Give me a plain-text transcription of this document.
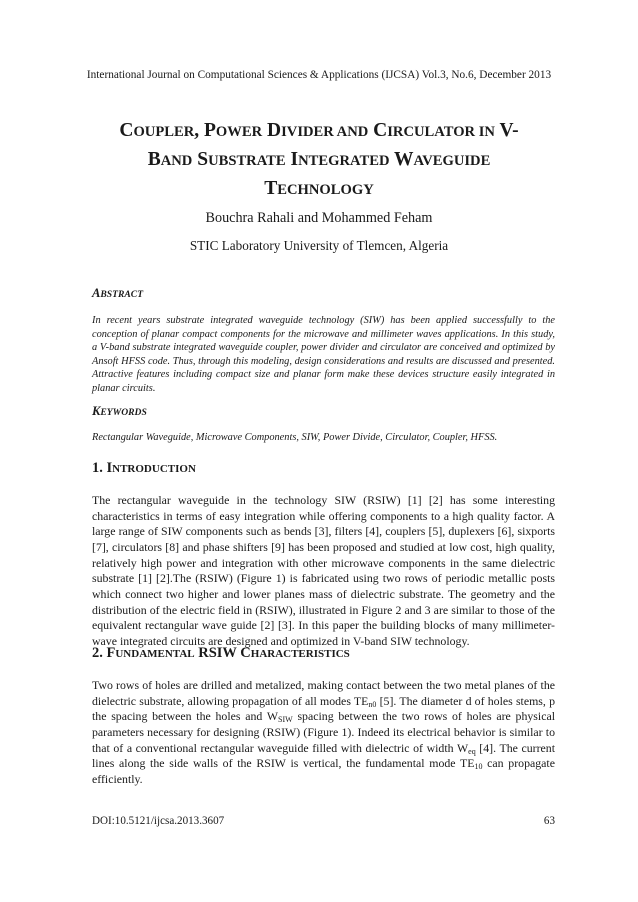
International Journal on Computational Sciences & Applications (IJCSA) Vol.3, No.6, December 2013
COUPLER, POWER DIVIDER AND CIRCULATOR IN V-
BAND SUBSTRATE INTEGRATED WAVEGUIDE
TECHNOLOGY
Bouchra Rahali and Mohammed Feham
STIC Laboratory University of Tlemcen, Algeria
ABSTRACT
In recent years substrate integrated waveguide technology (SIW) has been applied successfully to the conception of planar compact components for the microwave and millimeter waves applications. In this study, a V-band substrate integrated waveguide coupler, power divider and circulator are conceived and optimized by Ansoft HFSS code. Thus, through this modeling, design considerations and results are discussed and presented. Attractive features including compact size and planar form make these devices structure easily integrated in planar circuits.
KEYWORDS
Rectangular Waveguide, Microwave Components, SIW, Power Divide, Circulator, Coupler, HFSS.
1. INTRODUCTION
The rectangular waveguide in the technology SIW (RSIW) [1] [2] has some interesting characteristics in terms of easy integration while offering components to a high quality factor. A large range of SIW components such as bends [3], filters [4], couplers [5], duplexers [6], sixports [7], circulators [8] and phase shifters [9] has been proposed and studied at low cost, high quality, relatively high power and integration with other microwave components in the same dielectric substrate [1] [2].The (RSIW) (Figure 1) is fabricated using two rows of periodic metallic posts which connect two higher and lower planes mass of dielectric substrate. The geometry and the distribution of the electric field in (RSIW), illustrated in Figure 2 and 3 are similar to those of the equivalent rectangular wave guide [2] [3]. In this paper the building blocks of many millimeter-wave integrated circuits are designed and optimized in V-band SIW technology.
2. FUNDAMENTAL RSIW CHARACTERISTICS
Two rows of holes are drilled and metalized, making contact between the two metal planes of the dielectric substrate, allowing propagation of all modes $TE_{n0}$ [5]. The diameter d of holes stems, p the spacing between the holes and $W_{SIW}$ spacing between the two rows of holes are physical parameters necessary for designing (RSIW) (Figure 1). Indeed its electrical behavior is similar to that of a conventional rectangular waveguide filled with dielectric of width $W_{eq}$ [4]. The current lines along the side walls of the RSIW is vertical, the fundamental mode $TE_{10}$ can propagate efficiently.
DOI:10.5121/ijcsa.2013.3607	63
